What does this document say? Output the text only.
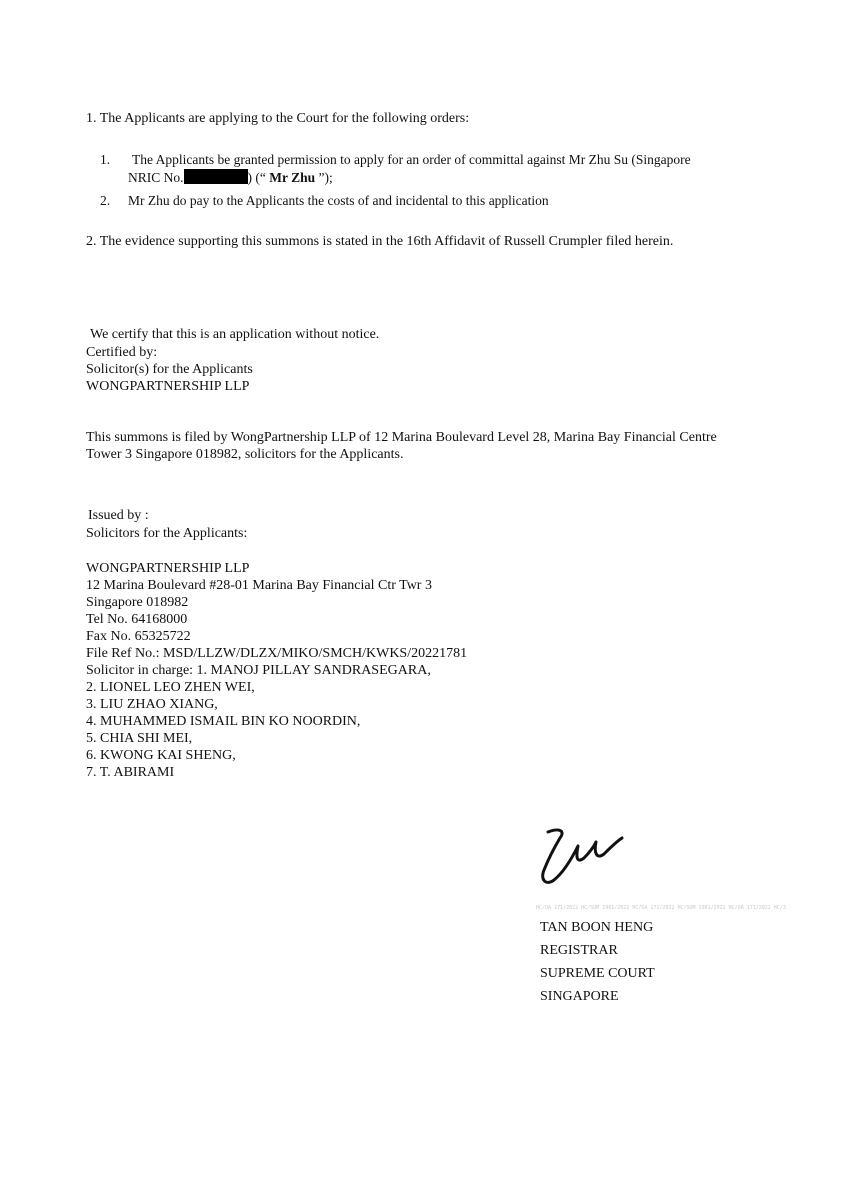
1. The Applicants are applying to the Court for the following orders:
1. The Applicants be granted permission to apply for an order of committal against Mr Zhu Su (Singapore
NRIC No.	) (“ Mr Zhu ”);
2. Mr Zhu do pay to the Applicants the costs of and incidental to this application
2. The evidence supporting this summons is stated in the 16th Affidavit of Russell Crumpler filed herein.
We certify that this is an application without notice.
Certified by:
Solicitor(s) for the Applicants
WONGPARTNERSHIP LLP
This summons is filed by WongPartnership LLP of 12 Marina Boulevard Level 28, Marina Bay Financial Centre
Tower 3 Singapore 018982, solicitors for the Applicants.
Issued by :
Solicitors for the Applicants:
WONGPARTNERSHIP LLP
12 Marina Boulevard #28-01 Marina Bay Financial Ctr Twr 3
Singapore 018982
Tel No. 64168000
Fax No. 65325722
File Ref No.: MSD/LLZW/DLZX/MIKO/SMCH/KWKS/20221781
Solicitor in charge: 1. MANOJ PILLAY SANDRASEGARA,
2. LIONEL LEO ZHEN WEI,
3. LIU ZHAO XIANG,
4. MUHAMMED ISMAIL BIN KO NOORDIN,
5. CHIA SHI MEI,
6. KWONG KAI SHENG,
7. T. ABIRAMI
HC/OA 171/2022 HC/SUM 1981/2022 HC/OA 171/2022 HC/SUM 1981/2022 HC/OA 171/2022 HC/3
TAN BOON HENG
REGISTRAR
SUPREME COURT
SINGAPORE
